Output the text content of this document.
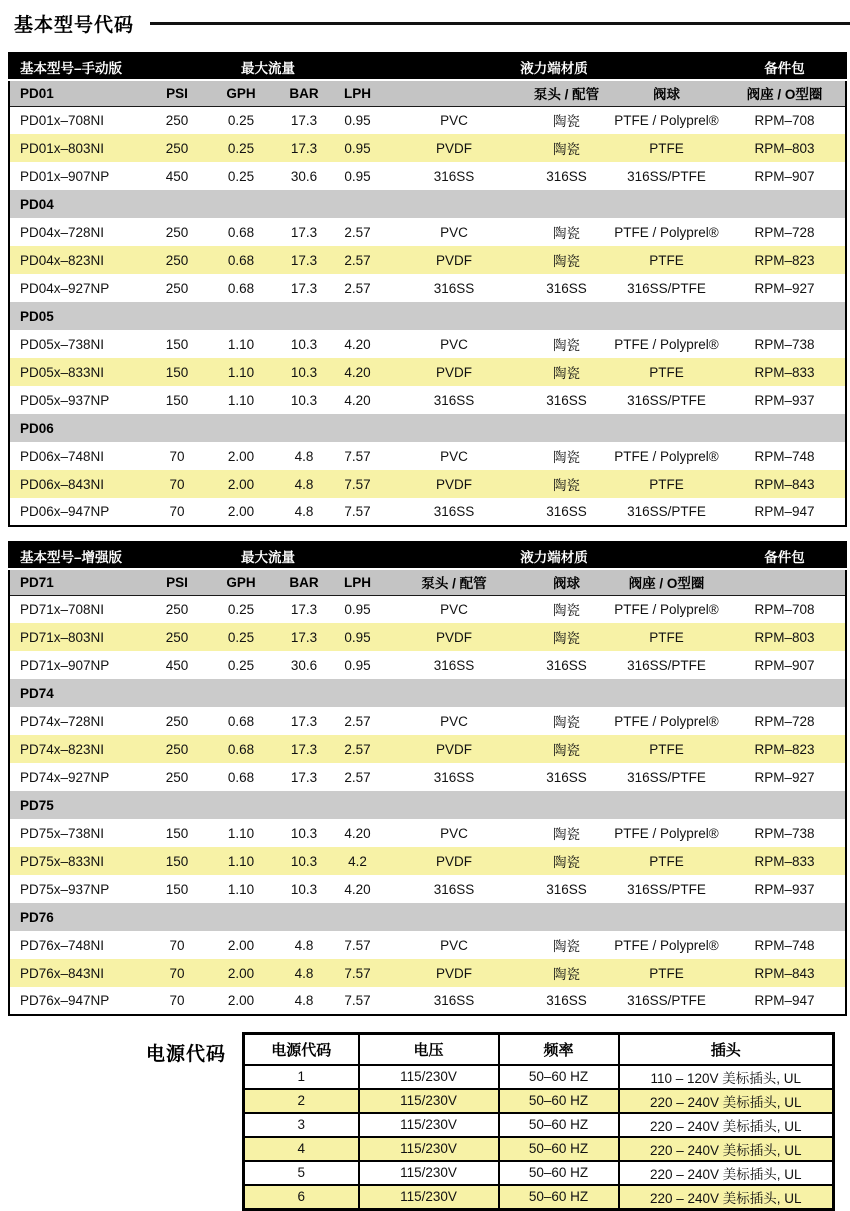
基本型号代码
基本型号–手动版		最大流量			液力端材质			备件包
PD01	PSI	GPH	BAR	LPH		泵头 / 配管	阀球	阀座 / O型圈
PD01x–708NI	250	0.25	17.3	0.95	PVC	陶瓷	PTFE / Polyprel®	RPM–708
PD01x–803NI	250	0.25	17.3	0.95	PVDF	陶瓷	PTFE	RPM–803
PD01x–907NP	450	0.25	30.6	0.95	316SS	316SS	316SS/PTFE	RPM–907
PD04								
PD04x–728NI	250	0.68	17.3	2.57	PVC	陶瓷	PTFE / Polyprel®	RPM–728
PD04x–823NI	250	0.68	17.3	2.57	PVDF	陶瓷	PTFE	RPM–823
PD04x–927NP	250	0.68	17.3	2.57	316SS	316SS	316SS/PTFE	RPM–927
PD05								
PD05x–738NI	150	1.10	10.3	4.20	PVC	陶瓷	PTFE / Polyprel®	RPM–738
PD05x–833NI	150	1.10	10.3	4.20	PVDF	陶瓷	PTFE	RPM–833
PD05x–937NP	150	1.10	10.3	4.20	316SS	316SS	316SS/PTFE	RPM–937
PD06								
PD06x–748NI	70	2.00	4.8	7.57	PVC	陶瓷	PTFE / Polyprel®	RPM–748
PD06x–843NI	70	2.00	4.8	7.57	PVDF	陶瓷	PTFE	RPM–843
PD06x–947NP	70	2.00	4.8	7.57	316SS	316SS	316SS/PTFE	RPM–947
基本型号–增强版		最大流量			液力端材质			备件包
PD71	PSI	GPH	BAR	LPH	泵头 / 配管	阀球	阀座 / O型圈	
PD71x–708NI	250	0.25	17.3	0.95	PVC	陶瓷	PTFE / Polyprel®	RPM–708
PD71x–803NI	250	0.25	17.3	0.95	PVDF	陶瓷	PTFE	RPM–803
PD71x–907NP	450	0.25	30.6	0.95	316SS	316SS	316SS/PTFE	RPM–907
PD74								
PD74x–728NI	250	0.68	17.3	2.57	PVC	陶瓷	PTFE / Polyprel®	RPM–728
PD74x–823NI	250	0.68	17.3	2.57	PVDF	陶瓷	PTFE	RPM–823
PD74x–927NP	250	0.68	17.3	2.57	316SS	316SS	316SS/PTFE	RPM–927
PD75								
PD75x–738NI	150	1.10	10.3	4.20	PVC	陶瓷	PTFE / Polyprel®	RPM–738
PD75x–833NI	150	1.10	10.3	4.2	PVDF	陶瓷	PTFE	RPM–833
PD75x–937NP	150	1.10	10.3	4.20	316SS	316SS	316SS/PTFE	RPM–937
PD76								
PD76x–748NI	70	2.00	4.8	7.57	PVC	陶瓷	PTFE / Polyprel®	RPM–748
PD76x–843NI	70	2.00	4.8	7.57	PVDF	陶瓷	PTFE	RPM–843
PD76x–947NP	70	2.00	4.8	7.57	316SS	316SS	316SS/PTFE	RPM–947
电源代码	电源代码	电压	频率	插头
1	115/230V	50–60 HZ	110 – 120V 美标插头, UL
2	115/230V	50–60 HZ	220 – 240V 美标插头, UL
3	115/230V	50–60 HZ	220 – 240V 美标插头, UL
4	115/230V	50–60 HZ	220 – 240V 美标插头, UL
5	115/230V	50–60 HZ	220 – 240V 美标插头, UL
6	115/230V	50–60 HZ	220 – 240V 美标插头, UL
